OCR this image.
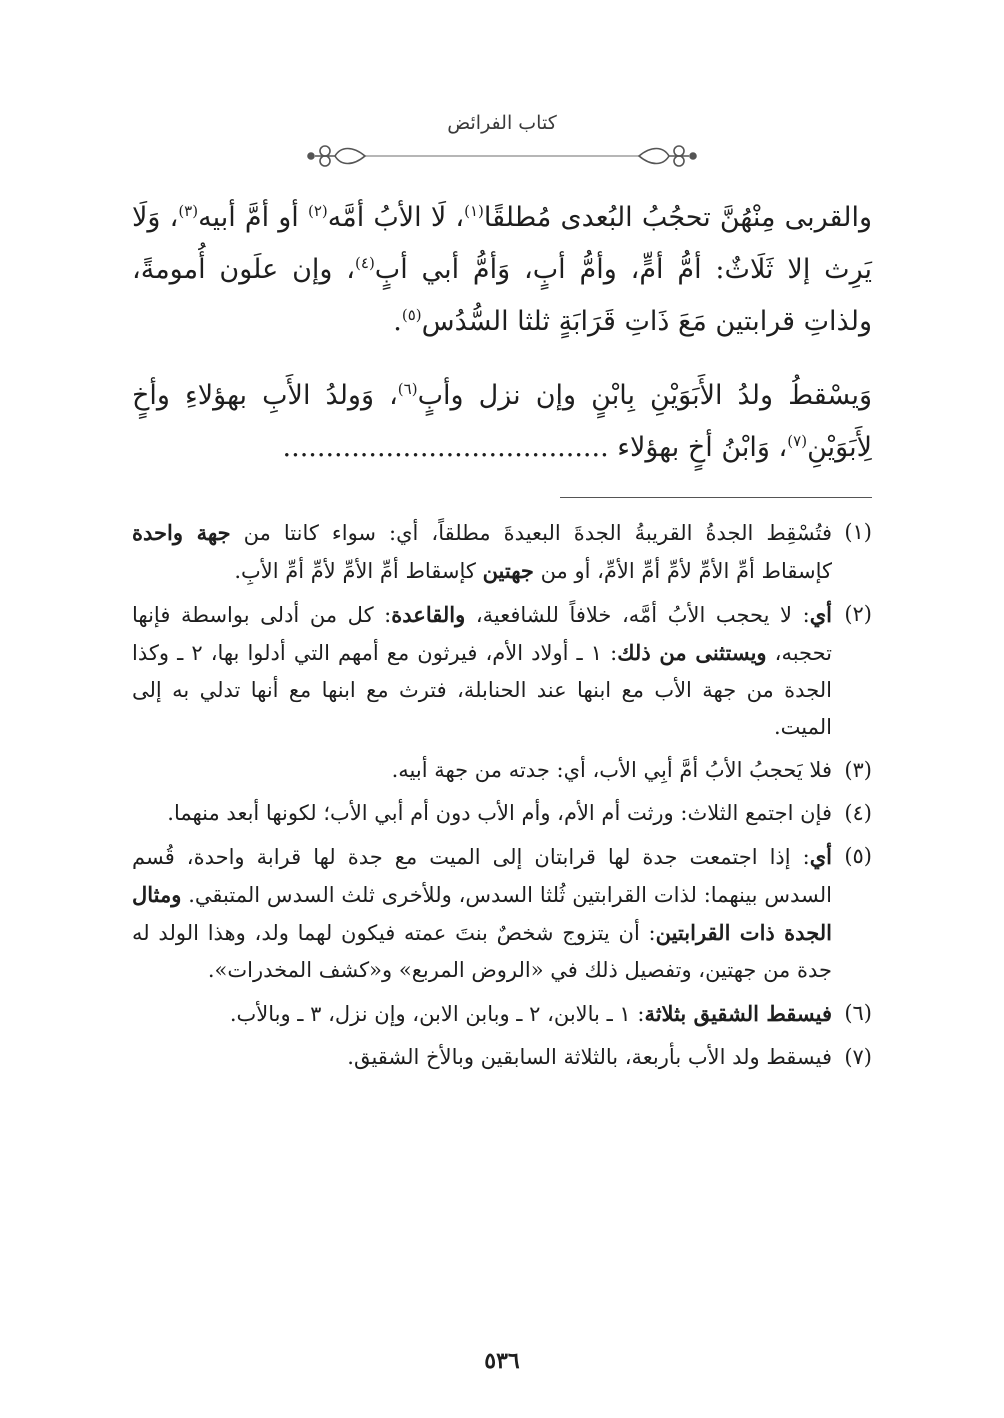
كتاب الفرائض

والقربى مِنْهُنَّ تحجُبُ البُعدى مُطلقًا$^{(١)}$، لَا الأبُ أمَّه$^{(٢)}$ أو أمَّ أبيه$^{(٣)}$، وَلَا يَرِث إلا ثَلَاثٌ: أمُّ أمٍّ، وأمُّ أبٍ، وَأمُّ أبي أبٍ$^{(٤)}$، وإن علَون أُمومةً، ولذاتِ قرابتين مَعَ ذَاتِ قَرَابَةٍ ثلثا السُّدُس$^{(٥)}$.

وَيسْقطُ ولدُ الأَبَوَيْنِ بِابْنٍ وإن نزل وأبٍ$^{(٦)}$، وَولدُ الأَبِ بهؤلاءِ وأخٍ لِأَبَوَيْنِ$^{(٧)}$، وَابْنُ أخٍ بهؤلاء ......................................

(١)
فتُسْقِط الجدةُ القريبةُ الجدةَ البعيدةَ مطلقاً، أي: سواء كانتا من جهة واحدة كإسقاط أمِّ الأمِّ لأمِّ أمِّ الأمِّ، أو من جهتين كإسقاط أمِّ الأمِّ لأمِّ أمِّ الأبِ.
(٢)
أي: لا يحجب الأبُ أمَّه، خلافاً للشافعية، والقاعدة: كل من أدلى بواسطة فإنها تحجبه، ويستثنى من ذلك: ١ ـ أولاد الأم، فيرثون مع أمهم التي أدلوا بها، ٢ ـ وكذا الجدة من جهة الأب مع ابنها عند الحنابلة، فترث مع ابنها مع أنها تدلي به إلى الميت.
(٣)
فلا يَحجبُ الأبُ أمَّ أبِي الأب، أي: جدته من جهة أبيه.
(٤)
فإن اجتمع الثلاث: ورثت أم الأم، وأم الأب دون أم أبي الأب؛ لكونها أبعد منهما.
(٥)
أي: إذا اجتمعت جدة لها قرابتان إلى الميت مع جدة لها قرابة واحدة، قُسم السدس بينهما: لذات القرابتين ثُلثا السدس، وللأخرى ثلث السدس المتبقي. ومثال الجدة ذات القرابتين: أن يتزوج شخصٌ بنتَ عمته فيكون لهما ولد، وهذا الولد له جدة من جهتين، وتفصيل ذلك في «الروض المربع» و«كشف المخدرات».
(٦)
فيسقط الشقيق بثلاثة: ١ ـ بالابن، ٢ ـ وبابن الابن، وإن نزل، ٣ ـ وبالأب.
(٧)
فيسقط ولد الأب بأربعة، بالثلاثة السابقين وبالأخ الشقيق.
٥٣٦
